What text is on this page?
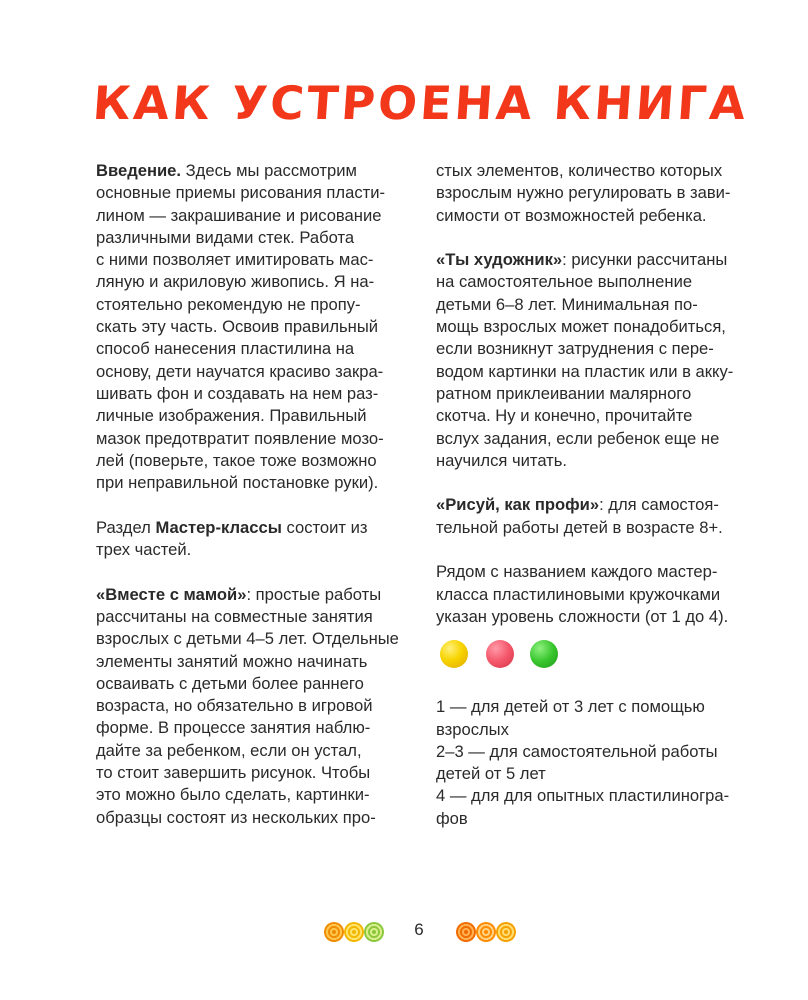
КАК УСТРОЕНА КНИГА

Введение. Здесь мы рассмотрим

основные приемы рисования пласти-

лином — закрашивание и рисование

различными видами стек. Работа

с ними позволяет имитировать мас-

ляную и акриловую живопись. Я на-

стоятельно рекомендую не пропу-

скать эту часть. Освоив правильный

способ нанесения пластилина на

основу, дети научатся красиво закра-

шивать фон и создавать на нем раз-

личные изображения. Правильный

мазок предотвратит появление мозо-

лей (поверьте, такое тоже возможно

при неправильной постановке руки).

Раздел Мастер-классы состоит из

трех частей.

«Вместе с мамой»: простые работы

рассчитаны на совместные занятия

взрослых с детьми 4–5 лет. Отдельные

элементы занятий можно начинать

осваивать с детьми более раннего

возраста, но обязательно в игровой

форме. В процессе занятия наблю-

дайте за ребенком, если он устал,

то стоит завершить рисунок. Чтобы

это можно было сделать, картинки-

образцы состоят из нескольких про-

стых элементов, количество которых

взрослым нужно регулировать в зави-

симости от возможностей ребенка.

«Ты художник»: рисунки рассчитаны

на самостоятельное выполнение

детьми 6–8 лет. Минимальная по-

мощь взрослых может понадобиться,

если возникнут затруднения с пере-

водом картинки на пластик или в акку-

ратном приклеивании малярного

скотча. Ну и конечно, прочитайте

вслух задания, если ребенок еще не

научился читать.

«Рисуй, как профи»: для самостоя-

тельной работы детей в возрасте 8+.

Рядом с названием каждого мастер-

класса пластилиновыми кружочками

указан уровень сложности (от 1 до 4).

1 — для детей от 3 лет с помощью

взрослых

2–3 — для самостоятельной работы

детей от 5 лет

4 — для для опытных пластилиногра-

фов

6
